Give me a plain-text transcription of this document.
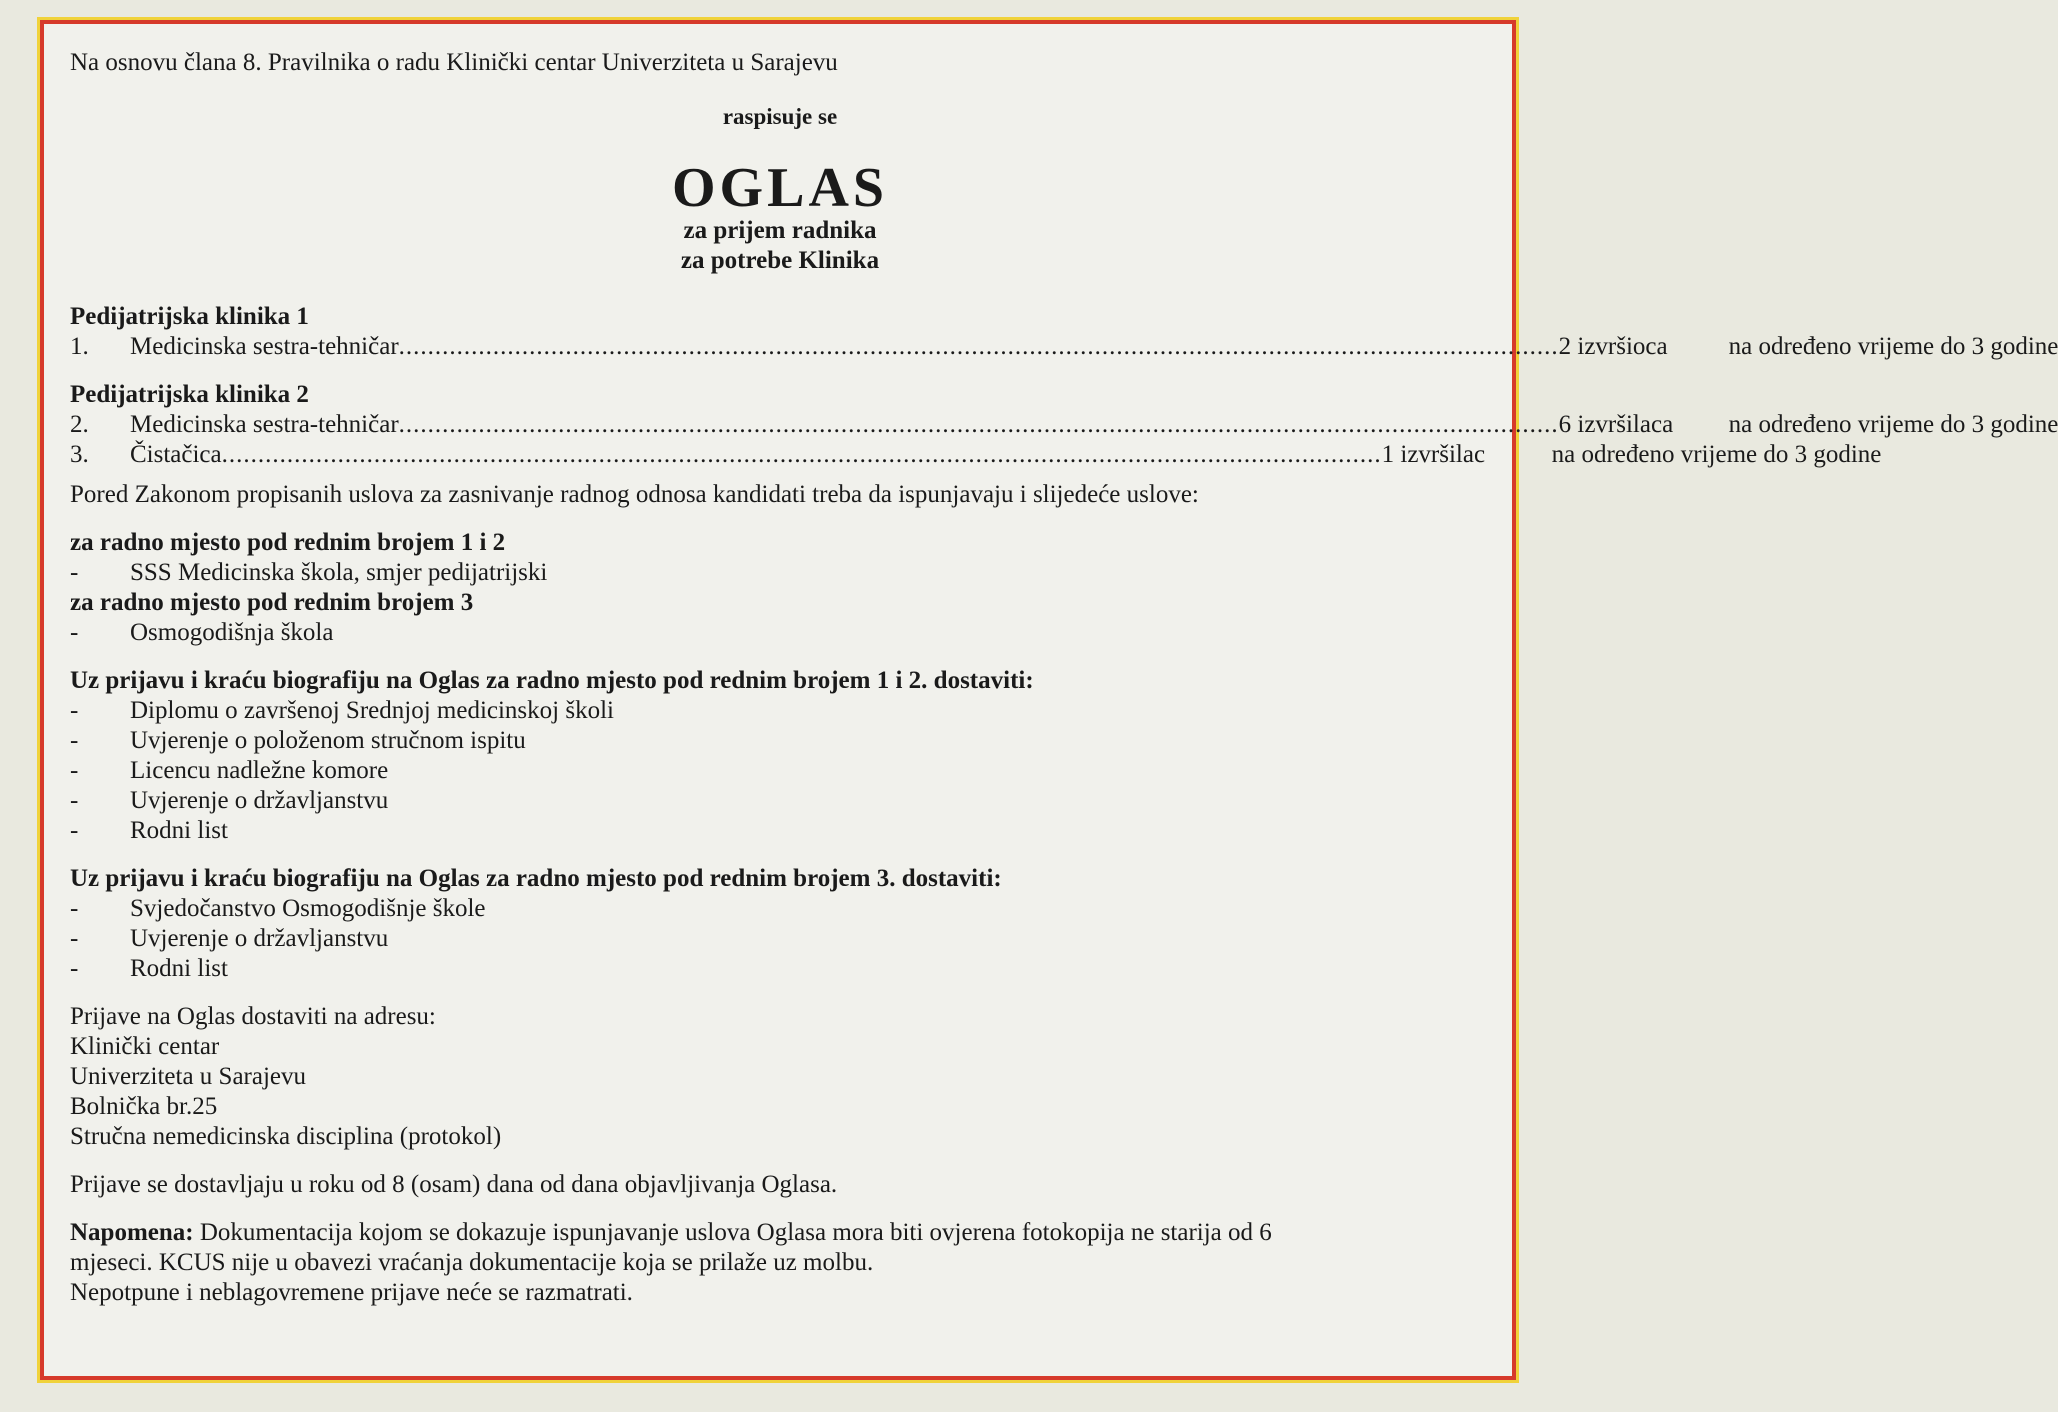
Na osnovu člana 8. Pravilnika o radu Klinički centar Univerziteta u Sarajevu
raspisuje se
OGLAS
za prijem radnika
za potrebe Klinika
Pedijatrijska klinika 1
1.	Medicinska sestra-tehničar ................................................................................................................................................................ 2 izvršioca	na određeno vrijeme do 3 godine
Pedijatrijska klinika 2
2.	Medicinska sestra-tehničar ................................................................................................................................................................ 6 izvršilaca	na određeno vrijeme do 3 godine
3.	Čistačica ................................................................................................................................................................ 1 izvršilac	na određeno vrijeme do 3 godine
Pored Zakonom propisanih uslova za zasnivanje radnog odnosa kandidati treba da ispunjavaju i slijedeće uslove:
za radno mjesto pod rednim brojem 1 i 2
-	SSS Medicinska škola, smjer pedijatrijski
za radno mjesto pod rednim brojem 3
-	Osmogodišnja škola
Uz prijavu i kraću biografiju na Oglas za radno mjesto pod rednim brojem 1 i 2. dostaviti:
-	Diplomu o završenoj Srednjoj medicinskoj školi
-	Uvjerenje o položenom stručnom ispitu
-	Licencu nadležne komore
-	Uvjerenje o državljanstvu
-	Rodni list
Uz prijavu i kraću biografiju na Oglas za radno mjesto pod rednim brojem 3. dostaviti:
-	Svjedočanstvo Osmogodišnje škole
-	Uvjerenje o državljanstvu
-	Rodni list
Prijave na Oglas dostaviti na adresu:
Klinički centar
Univerziteta u Sarajevu
Bolnička br.25
Stručna nemedicinska disciplina (protokol)
Prijave se dostavljaju u roku od 8 (osam) dana od dana objavljivanja Oglasa.
Napomena: Dokumentacija kojom se dokazuje ispunjavanje uslova Oglasa mora biti ovjerena fotokopija ne starija od 6
mjeseci. KCUS nije u obavezi vraćanja dokumentacije koja se prilaže uz molbu.
Nepotpune i neblagovremene prijave neće se razmatrati.
